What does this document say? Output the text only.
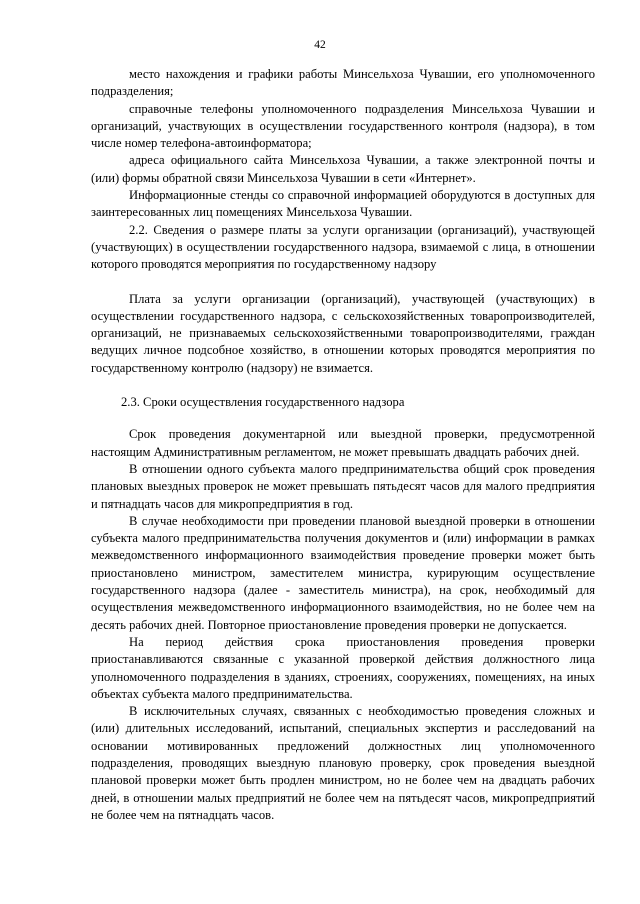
42

место нахождения и графики работы Минсельхоза Чувашии, его уполномоченного подразделения;

справочные телефоны уполномоченного подразделения Минсельхоза Чувашии и организаций, участвующих в осуществлении государственного контроля (надзора), в том числе номер телефона-автоинформатора;

адреса официального сайта Минсельхоза Чувашии, а также электронной почты и (или) формы обратной связи Минсельхоза Чувашии в сети «Интернет».

Информационные стенды со справочной информацией оборудуются в доступных для заинтересованных лиц помещениях Минсельхоза Чувашии.

2.2. Сведения о размере платы за услуги организации (организаций), участвующей (участвующих) в осуществлении государственного надзора, взимаемой с лица, в отношении которого проводятся мероприятия по государственному надзору

Плата за услуги организации (организаций), участвующей (участвующих) в осуществлении государственного надзора, с сельскохозяйственных товаропроизводителей, организаций, не признаваемых сельскохозяйственными товаропроизводителями, граждан ведущих личное подсобное хозяйство, в отношении которых проводятся мероприятия по государственному контролю (надзору) не взимается.

2.3. Сроки осуществления государственного надзора

Срок проведения документарной или выездной проверки, предусмотренной настоящим Административным регламентом, не может превышать двадцать рабочих дней.

В отношении одного субъекта малого предпринимательства общий срок проведения плановых выездных проверок не может превышать пятьдесят часов для малого предприятия и пятнадцать часов для микропредприятия в год.

В случае необходимости при проведении плановой выездной проверки в отношении субъекта малого предпринимательства получения документов и (или) информации в рамках межведомственного информационного взаимодействия проведение проверки может быть приостановлено министром, заместителем министра, курирующим осуществление государственного надзора (далее - заместитель министра), на срок, необходимый для осуществления межведомственного информационного взаимодействия, но не более чем на десять рабочих дней. Повторное приостановление проведения проверки не допускается.

На период действия срока приостановления проведения проверки приостанавливаются связанные с указанной проверкой действия должностного лица уполномоченного подразделения в зданиях, строениях, сооружениях, помещениях, на иных объектах субъекта малого предпринимательства.

В исключительных случаях, связанных с необходимостью проведения сложных и (или) длительных исследований, испытаний, специальных экспертиз и расследований на основании мотивированных предложений должностных лиц уполномоченного подразделения, проводящих выездную плановую проверку, срок проведения выездной плановой проверки может быть продлен министром, но не более чем на двадцать рабочих дней, в отношении малых предприятий не более чем на пятьдесят часов, микропредприятий не более чем на пятнадцать часов.
